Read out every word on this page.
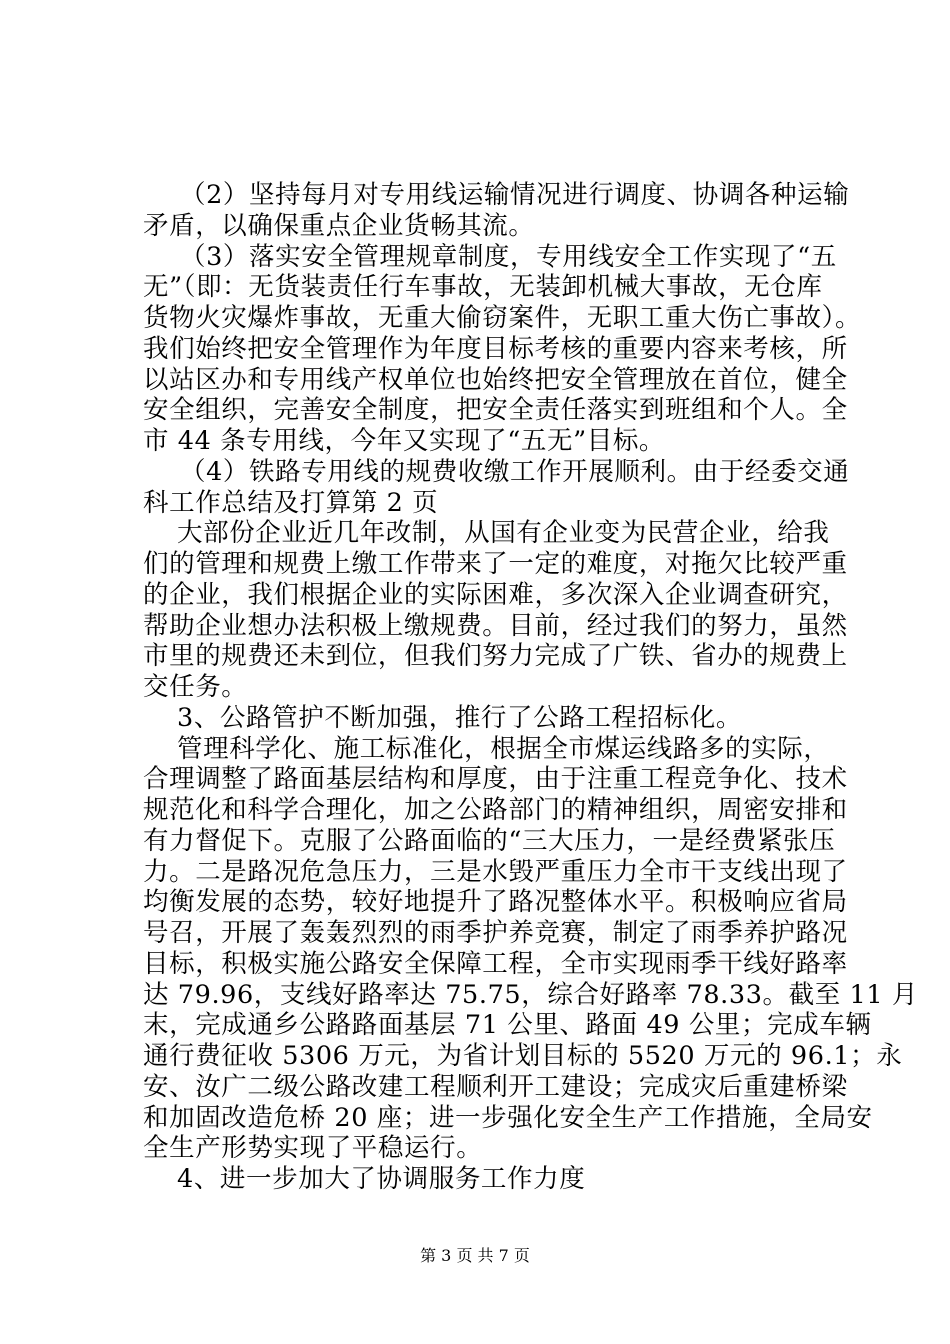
（2）坚持每月对专用线运输情况进行调度、协调各种运输
矛盾，以确保重点企业货畅其流。
（3）落实安全管理规章制度，专用线安全工作实现了“五
无”（即：无货装责任行车事故，无装卸机械大事故，无仓库
货物火灾爆炸事故，无重大偷窃案件，无职工重大伤亡事故）。
我们始终把安全管理作为年度目标考核的重要内容来考核，所
以站区办和专用线产权单位也始终把安全管理放在首位，健全
安全组织，完善安全制度，把安全责任落实到班组和个人。全
市 44 条专用线，今年又实现了“五无”目标。
（4）铁路专用线的规费收缴工作开展顺利。由于经委交通
科工作总结及打算第 2 页
大部份企业近几年改制，从国有企业变为民营企业，给我
们的管理和规费上缴工作带来了一定的难度，对拖欠比较严重
的企业，我们根据企业的实际困难，多次深入企业调查研究，
帮助企业想办法积极上缴规费。目前，经过我们的努力，虽然
市里的规费还未到位，但我们努力完成了广铁、省办的规费上
交任务。
3、公路管护不断加强，推行了公路工程招标化。
管理科学化、施工标准化，根据全市煤运线路多的实际，
合理调整了路面基层结构和厚度，由于注重工程竞争化、技术
规范化和科学合理化，加之公路部门的精神组织，周密安排和
有力督促下。克服了公路面临的“三大压力，一是经费紧张压
力。二是路况危急压力，三是水毁严重压力全市干支线出现了
均衡发展的态势，较好地提升了路况整体水平。积极响应省局
号召，开展了轰轰烈烈的雨季护养竞赛，制定了雨季养护路况
目标，积极实施公路安全保障工程，全市实现雨季干线好路率
达 79.96，支线好路率达 75.75，综合好路率 78.33。截至 11 月
末，完成通乡公路路面基层 71 公里、路面 49 公里；完成车辆
通行费征收 5306 万元，为省计划目标的 5520 万元的 96.1；永
安、汝广二级公路改建工程顺利开工建设；完成灾后重建桥梁
和加固改造危桥 20 座；进一步强化安全生产工作措施，全局安
全生产形势实现了平稳运行。
4、进一步加大了协调服务工作力度
第 3 页 共 7 页
